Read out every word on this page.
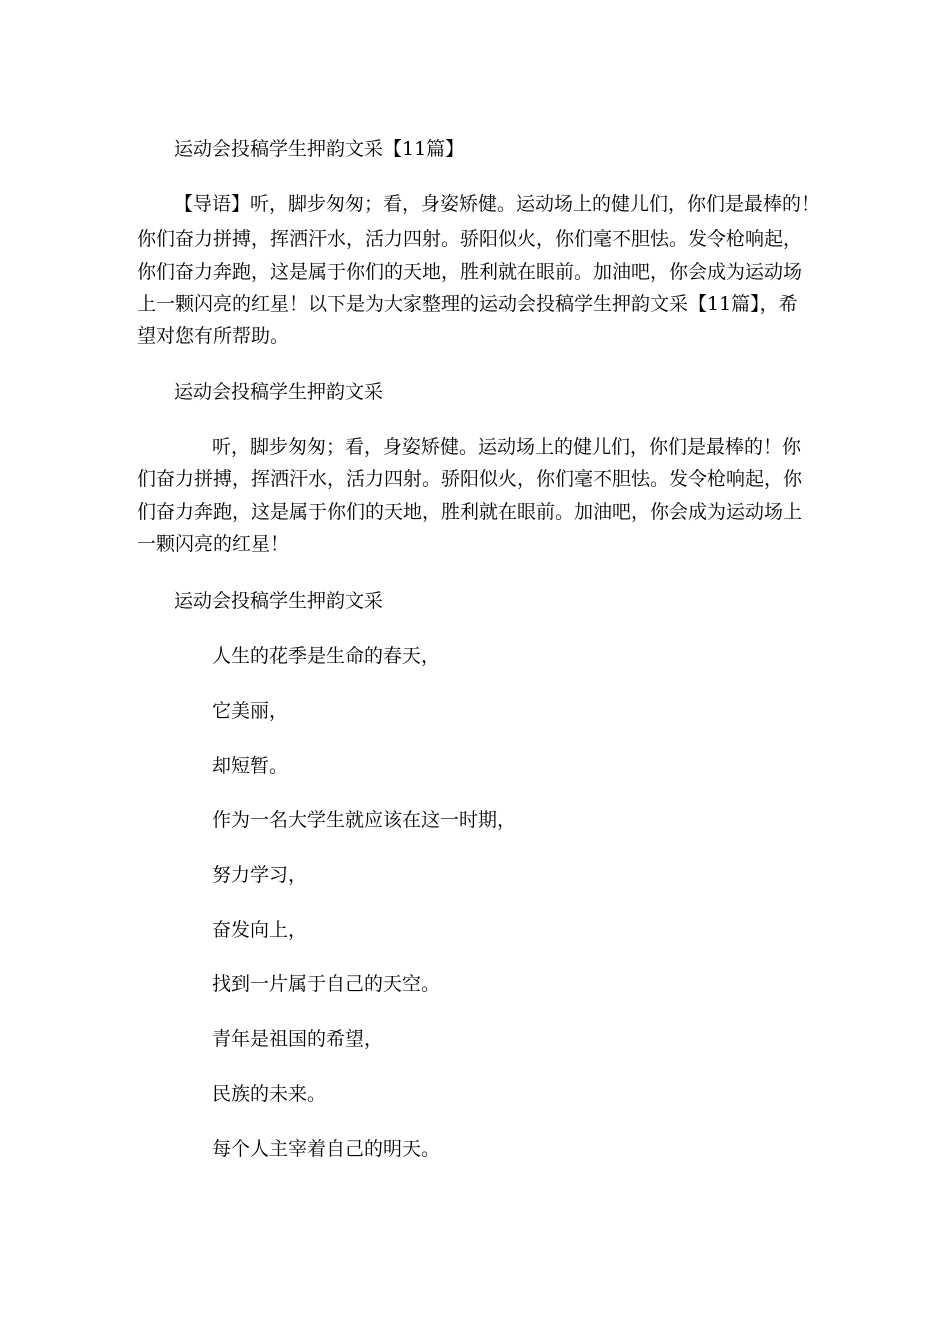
运动会投稿学生押韵文采【11篇】
【导语】听，脚步匆匆；看，身姿矫健。运动场上的健儿们，你们是最棒的！
你们奋力拼搏，挥洒汗水，活力四射。骄阳似火，你们毫不胆怯。发令枪响起，
你们奋力奔跑，这是属于你们的天地，胜利就在眼前。加油吧，你会成为运动场
上一颗闪亮的红星！以下是为大家整理的运动会投稿学生押韵文采【11篇】，希
望对您有所帮助。
运动会投稿学生押韵文采
听，脚步匆匆；看，身姿矫健。运动场上的健儿们，你们是最棒的！你
们奋力拼搏，挥洒汗水，活力四射。骄阳似火，你们毫不胆怯。发令枪响起，你
们奋力奔跑，这是属于你们的天地，胜利就在眼前。加油吧，你会成为运动场上
一颗闪亮的红星！
运动会投稿学生押韵文采
人生的花季是生命的春天，
它美丽，
却短暂。
作为一名大学生就应该在这一时期，
努力学习，
奋发向上，
找到一片属于自己的天空。
青年是祖国的希望，
民族的未来。
每个人主宰着自己的明天。
